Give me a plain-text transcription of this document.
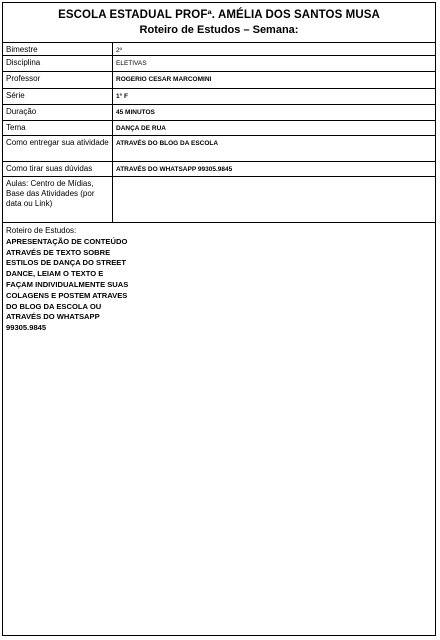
ESCOLA ESTADUAL PROFª. AMÉLIA DOS SANTOS MUSA
Roteiro de Estudos – Semana:
Bimestre	2º
Disciplina	ELETIVAS
Professor	ROGERIO CESAR MARCOMINI
Série	1° F
Duração	45 MINUTOS
Tema	DANÇA DE RUA
Como entregar sua atividade	ATRAVÉS DO BLOG DA ESCOLA
Como tirar suas dúvidas	ATRAVÉS DO WHATSAPP 99305.9845
Aulas: Centro de Mídias, Base das Atividades (por data ou Link)
Roteiro de Estudos:
APRESENTAÇÃO DE CONTEÚDO
ATRAVÉS DE TEXTO SOBRE
ESTILOS DE DANÇA DO STREET
DANCE, LEIAM O TEXTO E
FAÇAM INDIVIDUALMENTE SUAS
COLAGENS E POSTEM ATRAVES
DO BLOG DA ESCOLA OU
ATRAVÉS DO WHATSAPP
99305.9845
